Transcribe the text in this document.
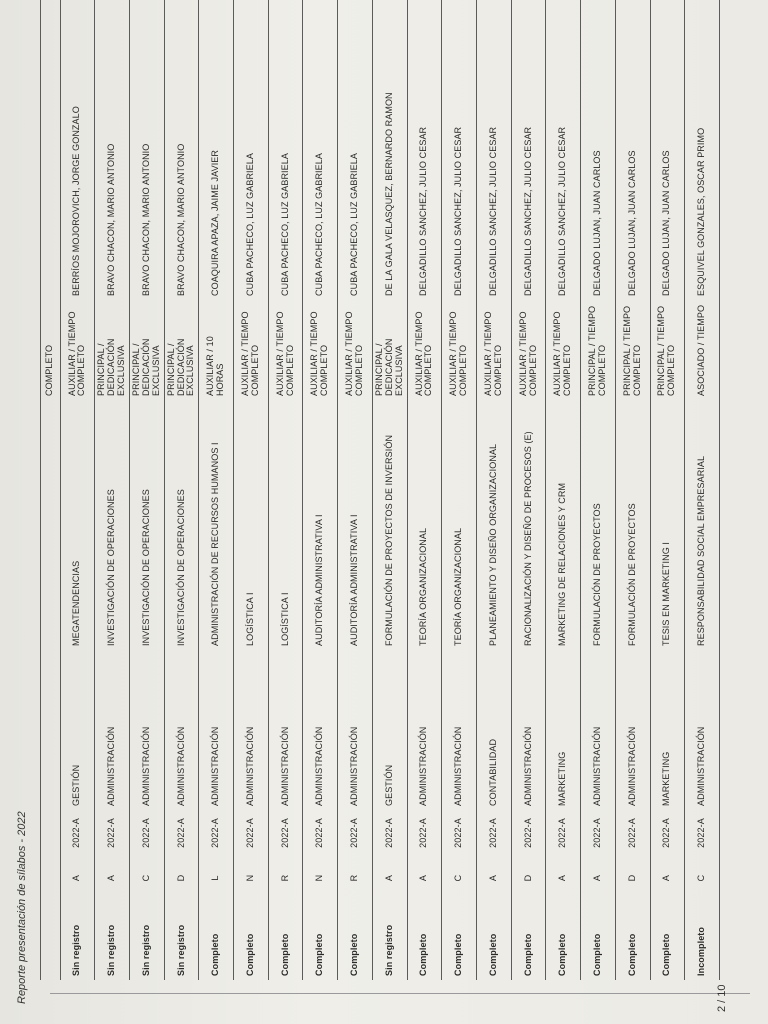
Reporte presentación de sílabos - 2022	2 / 10
COMPLETO
Sin registro
A
2022-A
GESTIÓN
MEGATENDENCIAS
AUXILIAR / TIEMPO COMPLETO
BERRÍOS MOJOROVICH, JORGE GONZALO
Sin registro
A
2022-A
ADMINISTRACIÓN
INVESTIGACIÓN DE OPERACIONES
PRINCIPAL / DEDICACIÓN EXCLUSIVA
BRAVO CHACON, MARIO ANTONIO
Sin registro
C
2022-A
ADMINISTRACIÓN
INVESTIGACIÓN DE OPERACIONES
PRINCIPAL / DEDICACIÓN EXCLUSIVA
BRAVO CHACON, MARIO ANTONIO
Sin registro
D
2022-A
ADMINISTRACIÓN
INVESTIGACIÓN DE OPERACIONES
PRINCIPAL / DEDICACIÓN EXCLUSIVA
BRAVO CHACON, MARIO ANTONIO
Completo
L
2022-A
ADMINISTRACIÓN
ADMINISTRACIÓN DE RECURSOS HUMANOS I
AUXILIAR / 10 HORAS
COAQUIRA APAZA, JAIME JAVIER
Completo
N
2022-A
ADMINISTRACIÓN
LOGÍSTICA I
AUXILIAR / TIEMPO COMPLETO
CUBA PACHECO, LUZ GABRIELA
Completo
R
2022-A
ADMINISTRACIÓN
LOGÍSTICA I
AUXILIAR / TIEMPO COMPLETO
CUBA PACHECO, LUZ GABRIELA
Completo
N
2022-A
ADMINISTRACIÓN
AUDITORÍA ADMINISTRATIVA I
AUXILIAR / TIEMPO COMPLETO
CUBA PACHECO, LUZ GABRIELA
Completo
R
2022-A
ADMINISTRACIÓN
AUDITORÍA ADMINISTRATIVA I
AUXILIAR / TIEMPO COMPLETO
CUBA PACHECO, LUZ GABRIELA
Sin registro
A
2022-A
GESTIÓN
FORMULACIÓN DE PROYECTOS DE INVERSIÓN
PRINCIPAL / DEDICACIÓN EXCLUSIVA
DE LA GALA VELASQUEZ, BERNARDO RAMON
Completo
A
2022-A
ADMINISTRACIÓN
TEORÍA ORGANIZACIONAL
AUXILIAR / TIEMPO COMPLETO
DELGADILLO SANCHEZ, JULIO CESAR
Completo
C
2022-A
ADMINISTRACIÓN
TEORÍA ORGANIZACIONAL
AUXILIAR / TIEMPO COMPLETO
DELGADILLO SANCHEZ, JULIO CESAR
Completo
A
2022-A
CONTABILIDAD
PLANEAMIENTO Y DISEÑO ORGANIZACIONAL
AUXILIAR / TIEMPO COMPLETO
DELGADILLO SANCHEZ, JULIO CESAR
Completo
D
2022-A
ADMINISTRACIÓN
RACIONALIZACIÓN Y DISEÑO DE PROCESOS (E)
AUXILIAR / TIEMPO COMPLETO
DELGADILLO SANCHEZ, JULIO CESAR
Completo
A
2022-A
MARKETING
MARKETING DE RELACIONES Y CRM
AUXILIAR / TIEMPO COMPLETO
DELGADILLO SANCHEZ, JULIO CESAR
Completo
A
2022-A
ADMINISTRACIÓN
FORMULACIÓN DE PROYECTOS
PRINCIPAL / TIEMPO COMPLETO
DELGADO LUJAN, JUAN CARLOS
Completo
D
2022-A
ADMINISTRACIÓN
FORMULACIÓN DE PROYECTOS
PRINCIPAL / TIEMPO COMPLETO
DELGADO LUJAN, JUAN CARLOS
Completo
A
2022-A
MARKETING
TESIS EN MARKETING I
PRINCIPAL / TIEMPO COMPLETO
DELGADO LUJAN, JUAN CARLOS
Incompleto
C
2022-A
ADMINISTRACIÓN
RESPONSABILIDAD SOCIAL EMPRESARIAL
ASOCIADO / TIEMPO
ESQUIVEL GONZALES, OSCAR PRIMO
